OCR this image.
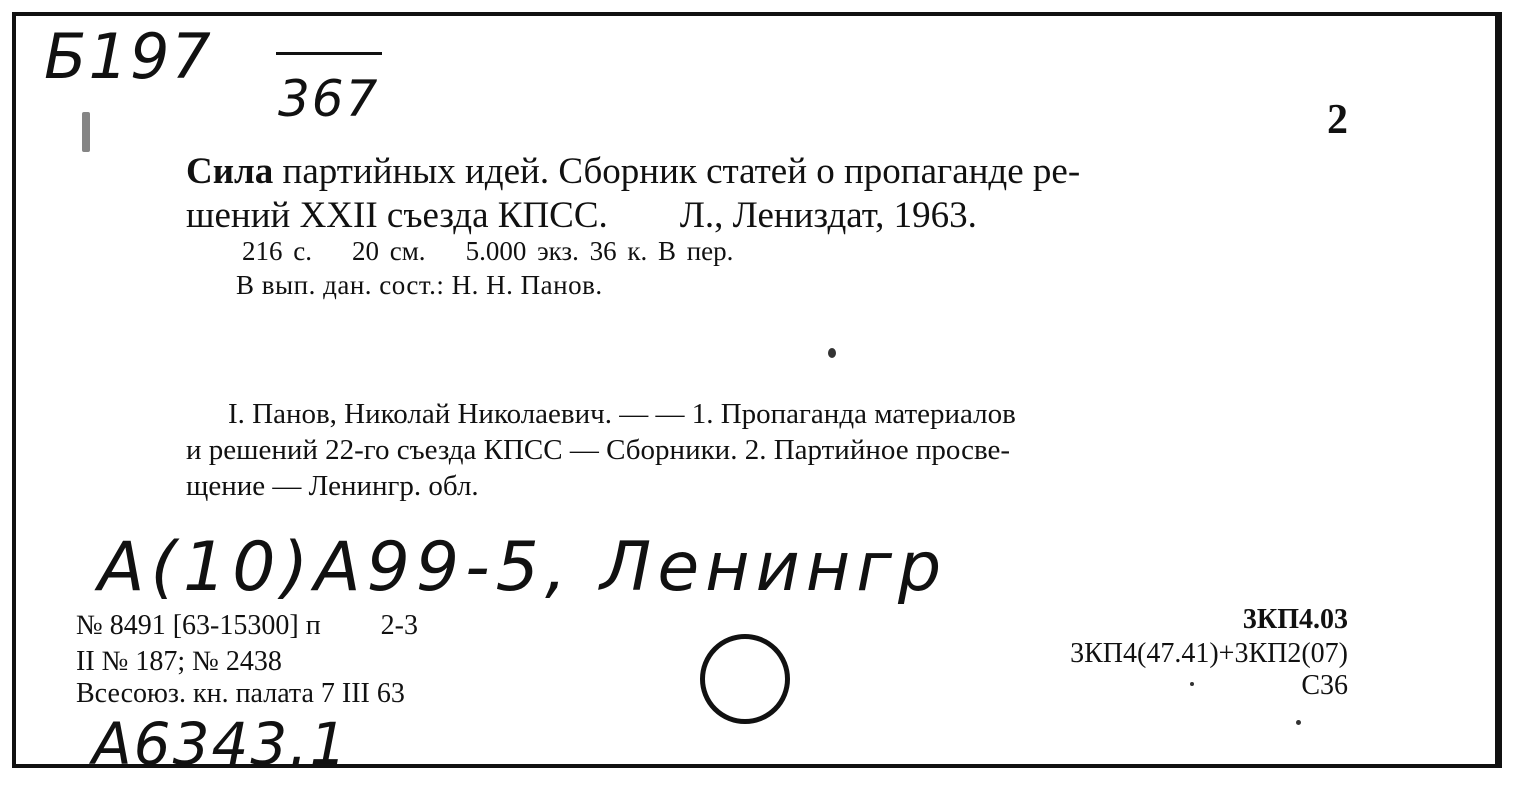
Б197
367	2
Сила партийных идей. Сборник статей о пропаганде ре-
шений XXII съезда КПСС. Л., Лениздат, 1963.
216 с. 20 см. 5.000 экз. 36 к. В пер.
В вып. дан. сост.: Н. Н. Панов.
I. Панов, Николай Николаевич. — — 1. Пропаганда материалов
и решений 22-го съезда КПСС — Сборники. 2. Партийное просве-
щение — Ленингр. обл.
А(10)А99-5, Ленингр
№ 8491 [63-15300] п 2-3
II № 187; № 2438
Всесоюз. кн. палата 7 III 63
А6343.1
3КП4.03
3КП4(47.41)+3КП2(07)
С36
